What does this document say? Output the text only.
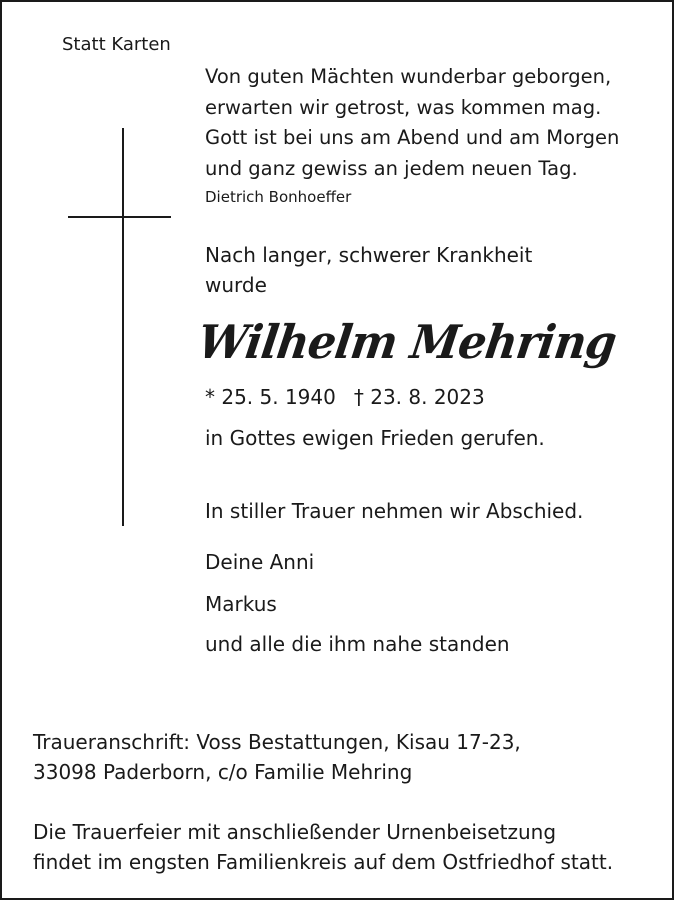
Statt Karten
Von guten Mächten wunderbar geborgen,
erwarten wir getrost, was kommen mag.
Gott ist bei uns am Abend und am Morgen
und ganz gewiss an jedem neuen Tag.
Dietrich Bonhoeffer
Nach langer, schwerer Krankheit
wurde
Wilhelm Mehring
* 25. 5. 1940 † 23. 8. 2023
in Gottes ewigen Frieden gerufen.
In stiller Trauer nehmen wir Abschied.
Deine Anni
Markus
und alle die ihm nahe standen
Traueranschrift: Voss Bestattungen, Kisau 17-23,
33098 Paderborn, c/o Familie Mehring
Die Trauerfeier mit anschließender Urnenbeisetzung
findet im engsten Familienkreis auf dem Ostfriedhof statt.
